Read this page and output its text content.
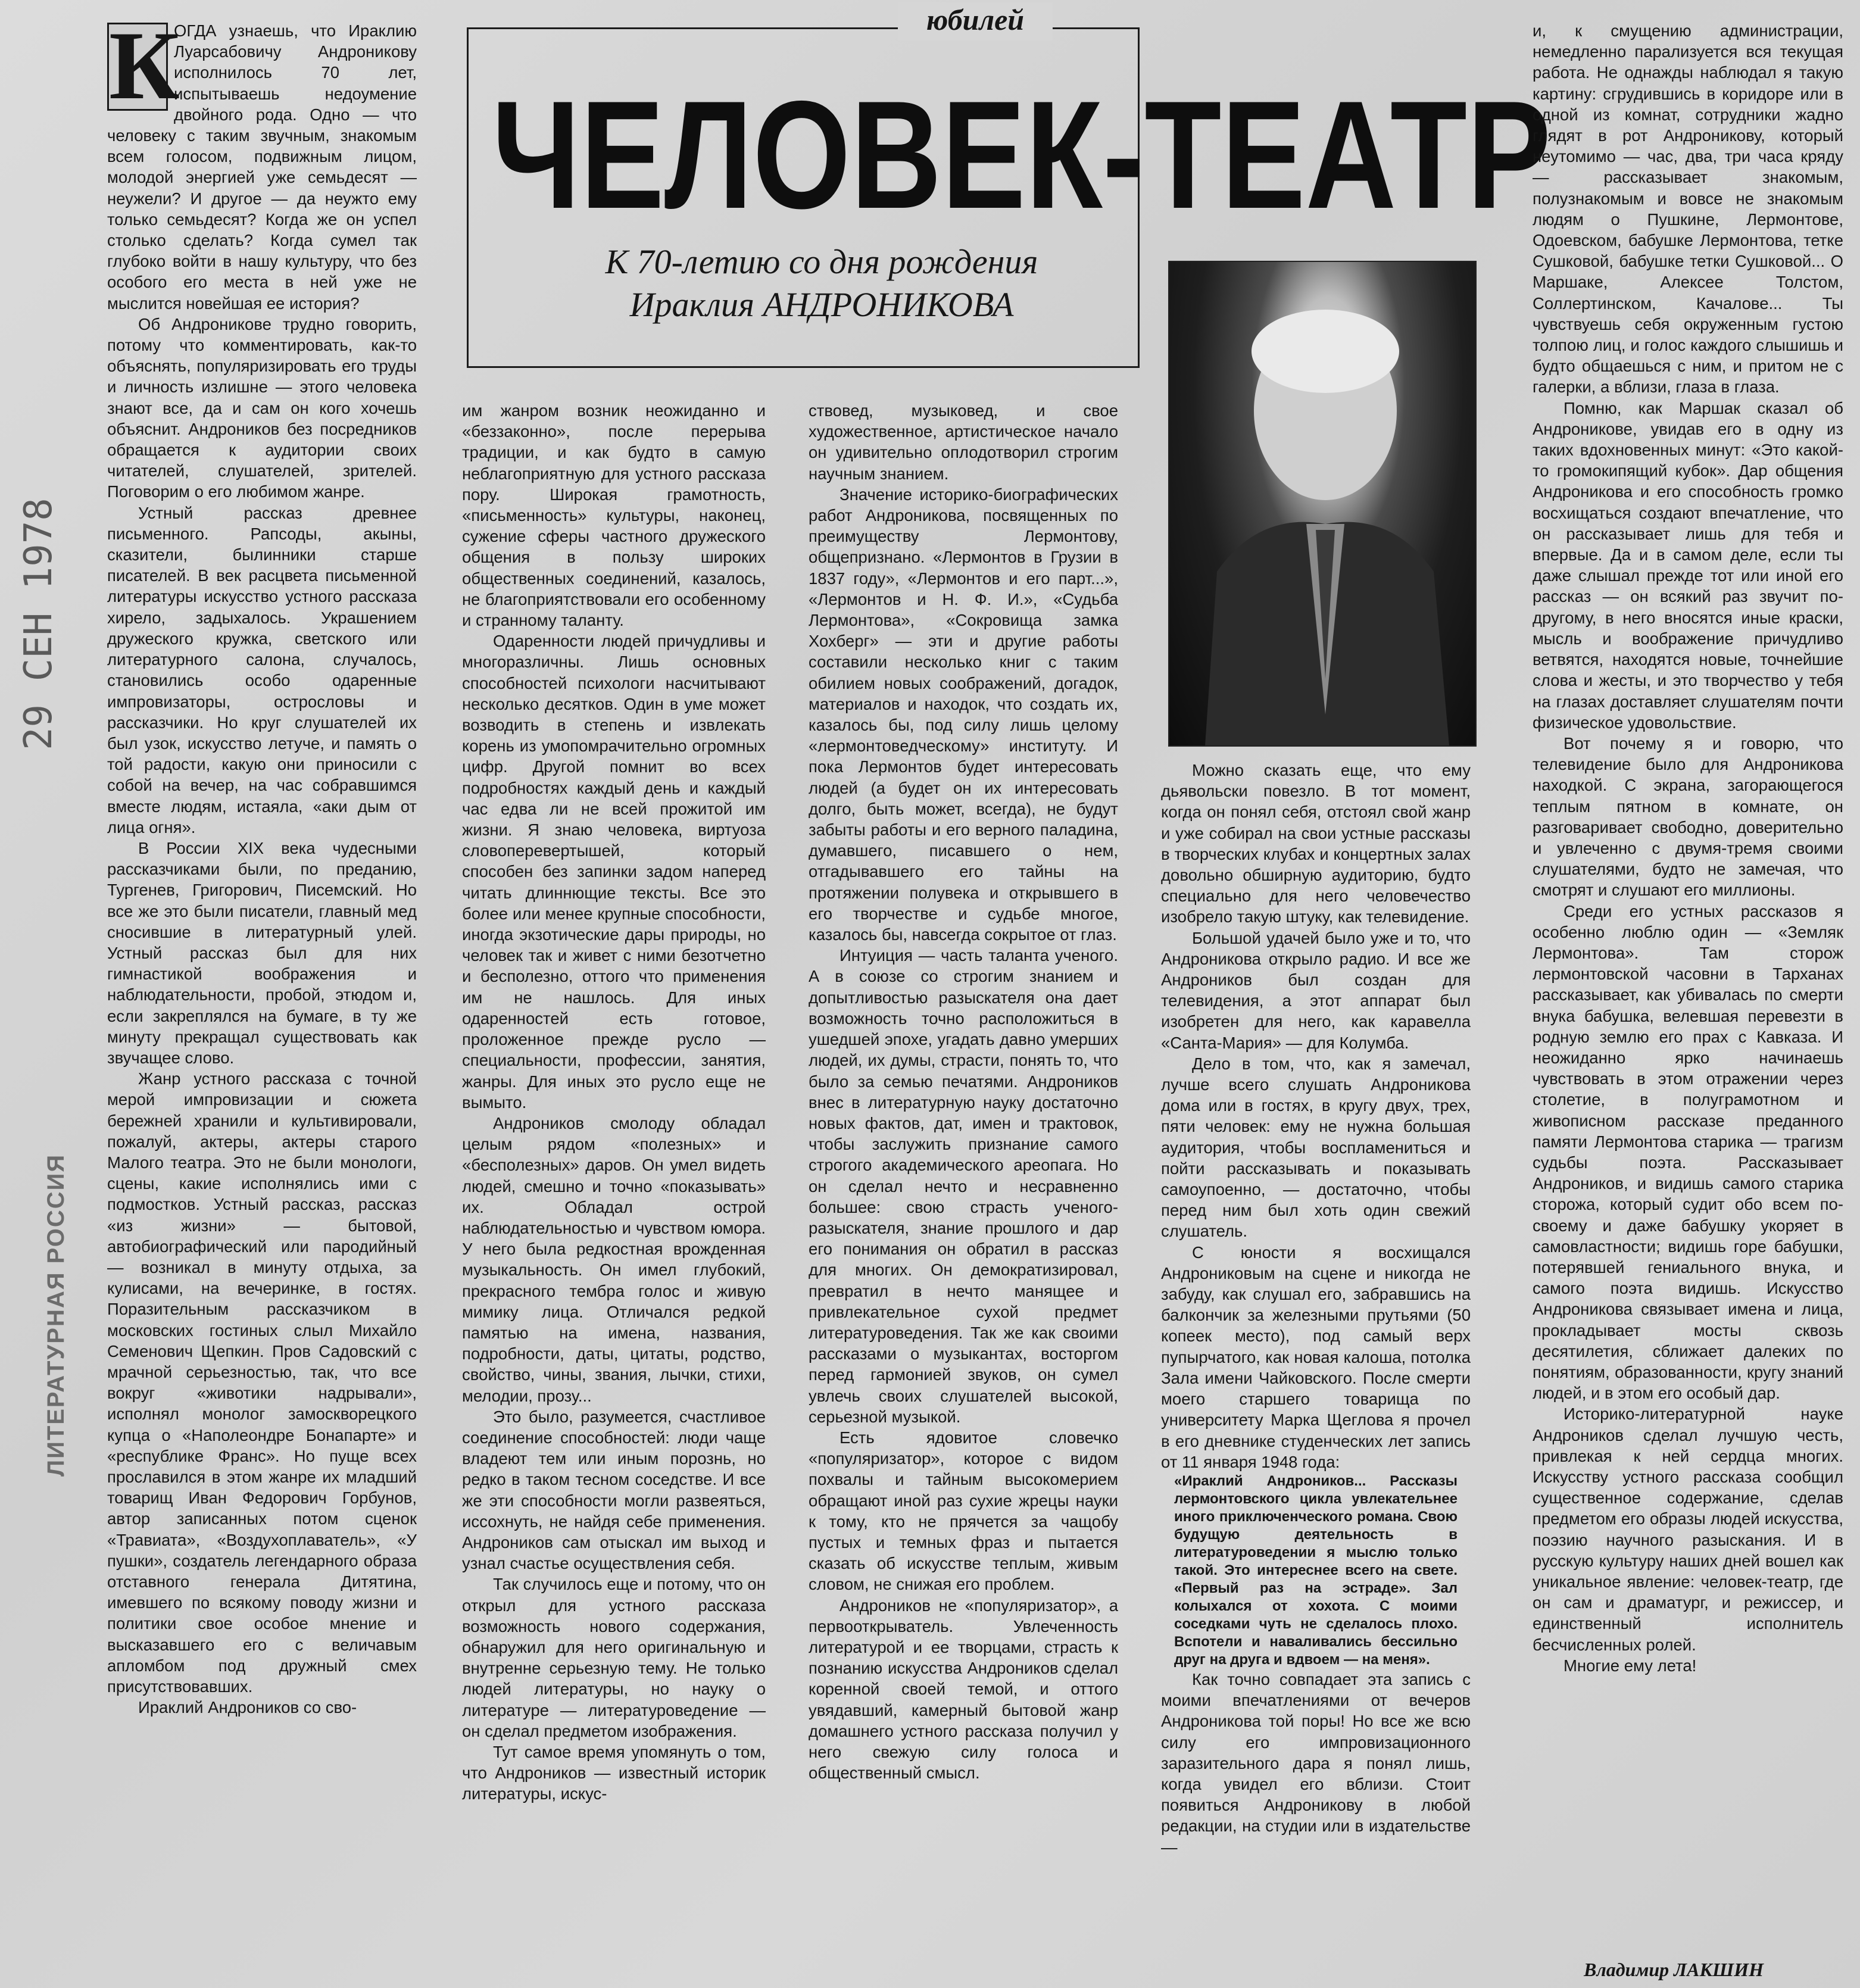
юбилей
ЧЕЛОВЕК-ТЕАТР
К 70-летию со дня рождения
Ираклия АНДРОНИКОВА
29 СЕН 1978
ЛИТЕРАТУРНАЯ РОССИЯ
К

ОГДА узнаешь, что Ираклию Луарсабовичу Андроникову исполнилось 70 лет, испытываешь недоумение двойного рода. Одно — что человеку с таким звучным, знакомым всем голосом, подвижным лицом, молодой энергией уже семьдесят — неужели? И другое — да неужто ему только семьдесят? Когда же он успел столько сделать? Когда сумел так глубоко войти в нашу культуру, что без особого его места в ней уже не мыслится новейшая ее история?

Об Андроникове трудно говорить, потому что комментировать, как-то объяснять, популяризировать его труды и личность излишне — этого человека знают все, да и сам он кого хочешь объяснит. Андроников без посредников обращается к аудитории своих читателей, слушателей, зрителей. Поговорим о его любимом жанре.

Устный рассказ древнее письменного. Рапсоды, акыны, сказители, былинники старше писателей. В век расцвета письменной литературы искусство устного рассказа хирело, задыхалось. Украшением дружеского кружка, светского или литературного салона, случалось, становились особо одаренные импровизаторы, острословы и рассказчики. Но круг слушателей их был узок, искусство летуче, и память о той радости, какую они приносили с собой на вечер, на час собравшимся вместе людям, истаяла, «аки дым от лица огня».

В России XIX века чудесными рассказчиками были, по преданию, Тургенев, Григорович, Писемский. Но все же это были писатели, главный мед сносившие в литературный улей. Устный рассказ был для них гимнастикой воображения и наблюдательности, пробой, этюдом и, если закреплялся на бумаге, в ту же минуту прекращал существовать как звучащее слово.

Жанр устного рассказа с точной мерой импровизации и сюжета бережней хранили и культивировали, пожалуй, актеры, актеры старого Малого театра. Это не были монологи, сцены, какие исполнялись ими с подмостков. Устный рассказ, рассказ «из жизни» — бытовой, автобиографический или пародийный — возникал в минуту отдыха, за кулисами, на вечеринке, в гостях. Поразительным рассказчиком в московских гостиных слыл Михайло Семенович Щепкин. Пров Садовский с мрачной серьезностью, так, что все вокруг «животики надрывали», исполнял монолог замоскворецкого купца о «Наполеондре Бонапарте» и «республике Франс». Но пуще всех прославился в этом жанре их младший товарищ Иван Федорович Горбунов, автор записанных потом сценок «Травиата», «Воздухоплаватель», «У пушки», создатель легендарного образа отставного генерала Дитятина, имевшего по всякому поводу жизни и политики свое особое мнение и высказавшего его с величавым апломбом под дружный смех присутствовавших.

Ираклий Андроников со сво-

им жанром возник неожиданно и «беззаконно», после перерыва традиции, и как будто в самую неблагоприятную для устного рассказа пору. Широкая грамотность, «письменность» культуры, наконец, сужение сферы частного дружеского общения в пользу широких общественных соединений, казалось, не благоприятствовали его особенному и странному таланту.

Одаренности людей причудливы и многоразличны. Лишь основных способностей психологи насчитывают несколько десятков. Один в уме может возводить в степень и извлекать корень из умопомрачительно огромных цифр. Другой помнит во всех подробностях каждый день и каждый час едва ли не всей прожитой им жизни. Я знаю человека, виртуоза словоперевертышей, который способен без запинки задом наперед читать длиннющие тексты. Все это более или менее крупные способности, иногда экзотические дары природы, но человек так и живет с ними безотчетно и бесполезно, оттого что применения им не нашлось. Для иных одаренностей есть готовое, проложенное прежде русло — специальности, профессии, занятия, жанры. Для иных это русло еще не вымыто.

Андроников смолоду обладал целым рядом «полезных» и «бесполезных» даров. Он умел видеть людей, смешно и точно «показывать» их. Обладал острой наблюдательностью и чувством юмора. У него была редкостная врожденная музыкальность. Он имел глубокий, прекрасного тембра голос и живую мимику лица. Отличался редкой памятью на имена, названия, подробности, даты, цитаты, родство, свойство, чины, звания, лычки, стихи, мелодии, прозу...

Это было, разумеется, счастливое соединение способностей: люди чаще владеют тем или иным порознь, но редко в таком тесном соседстве. И все же эти способности могли развеяться, иссохнуть, не найдя себе применения. Андроников сам отыскал им выход и узнал счастье осуществления себя.

Так случилось еще и потому, что он открыл для устного рассказа возможность нового содержания, обнаружил для него оригинальную и внутренне серьезную тему. Не только людей литературы, но науку о литературе — литературоведение — он сделал предметом изображения.

Тут самое время упомянуть о том, что Андроников — известный историк литературы, искус-

ствовед, музыковед, и свое художественное, артистическое начало он удивительно оплодотворил строгим научным знанием.

Значение историко-биографических работ Андроникова, посвященных по преимуществу Лермонтову, общепризнано. «Лермонтов в Грузии в 1837 году», «Лермонтов и его парт...», «Лермонтов и Н. Ф. И.», «Судьба Лермонтова», «Сокровища замка Хохберг» — эти и другие работы составили несколько книг с таким обилием новых соображений, догадок, материалов и находок, что создать их, казалось бы, под силу лишь целому «лермонтоведческому» институту. И пока Лермонтов будет интересовать людей (а будет он их интересовать долго, быть может, всегда), не будут забыты работы и его верного паладина, думавшего, писавшего о нем, отгадывавшего его тайны на протяжении полувека и открывшего в его творчестве и судьбе многое, казалось бы, навсегда сокрытое от глаз.

Интуиция — часть таланта ученого. А в союзе со строгим знанием и допытливостью разыскателя она дает возможность точно расположиться в ушедшей эпохе, угадать давно умерших людей, их думы, страсти, понять то, что было за семью печатями. Андроников внес в литературную науку достаточно новых фактов, дат, имен и трактовок, чтобы заслужить признание самого строгого академического ареопага. Но он сделал нечто и несравненно большее: свою страсть ученого-разыскателя, знание прошлого и дар его понимания он обратил в рассказ для многих. Он демократизировал, превратил в нечто манящее и привлекательное сухой предмет литературоведения. Так же как своими рассказами о музыкантах, восторгом перед гармонией звуков, он сумел увлечь своих слушателей высокой, серьезной музыкой.

Есть ядовитое словечко «популяризатор», которое с видом похвалы и тайным высокомерием обращают иной раз сухие жрецы науки к тому, кто не прячется за чащобу пустых и темных фраз и пытается сказать об искусстве теплым, живым словом, не снижая его проблем.

Андроников не «популяризатор», а первооткрыватель. Увлеченность литературой и ее творцами, страсть к познанию искусства Андроников сделал коренной своей темой, и оттого увядавший, камерный бытовой жанр домашнего устного рассказа получил у него свежую силу голоса и общественный смысл.

Можно сказать еще, что ему дьявольски повезло. В тот момент, когда он понял себя, отстоял свой жанр и уже собирал на свои устные рассказы в творческих клубах и концертных залах довольно обширную аудиторию, будто специально для него человечество изобрело такую штуку, как телевидение.

Большой удачей было уже и то, что Андроникова открыло радио. И все же Андроников был создан для телевидения, а этот аппарат был изобретен для него, как каравелла «Санта-Мария» — для Колумба.

Дело в том, что, как я замечал, лучше всего слушать Андроникова дома или в гостях, в кругу двух, трех, пяти человек: ему не нужна большая аудитория, чтобы воспламениться и пойти рассказывать и показывать самоупоенно, — достаточно, чтобы перед ним был хоть один свежий слушатель.

С юности я восхищался Андрониковым на сцене и никогда не забуду, как слушал его, забравшись на балкончик за железными прутьями (50 копеек место), под самый верх пупырчатого, как новая калоша, потолка Зала имени Чайковского. После смерти моего старшего товарища по университету Марка Щеглова я прочел в его дневнике студенческих лет запись от 11 января 1948 года:

«Ираклий Андроников... Рассказы лермонтовского цикла увлекательнее иного приключенческого романа. Свою будущую деятельность в литературоведении я мыслю только такой. Это интереснее всего на свете. «Первый раз на эстраде». Зал колыхался от хохота. С моими соседками чуть не сделалось плохо. Вспотели и наваливались бессильно друг на друга и вдвоем — на меня».

Как точно совпадает эта запись с моими впечатлениями от вечеров Андроникова той поры! Но все же всю силу его импровизационного заразительного дара я понял лишь, когда увидел его вблизи. Стоит появиться Андроникову в любой редакции, на студии или в издательстве —

и, к смущению администрации, немедленно парализуется вся текущая работа. Не однажды наблюдал я такую картину: сгрудившись в коридоре или в одной из комнат, сотрудники жадно глядят в рот Андроникову, который неутомимо — час, два, три часа кряду — рассказывает знакомым, полузнакомым и вовсе не знакомым людям о Пушкине, Лермонтове, Одоевском, бабушке Лермонтова, тетке Сушковой, бабушке тетки Сушковой... О Маршаке, Алексее Толстом, Соллертинском, Качалове... Ты чувствуешь себя окруженным густою толпою лиц, и голос каждого слышишь и будто общаешься с ним, и притом не с галерки, а вблизи, глаза в глаза.

Помню, как Маршак сказал об Андроникове, увидав его в одну из таких вдохновенных минут: «Это какой-то громокипящий кубок». Дар общения Андроникова и его способность громко восхищаться создают впечатление, что он рассказывает лишь для тебя и впервые. Да и в самом деле, если ты даже слышал прежде тот или иной его рассказ — он всякий раз звучит по-другому, в него вносятся иные краски, мысль и воображение причудливо ветвятся, находятся новые, точнейшие слова и жесты, и это творчество у тебя на глазах доставляет слушателям почти физическое удовольствие.

Вот почему я и говорю, что телевидение было для Андроникова находкой. С экрана, загорающегося теплым пятном в комнате, он разговаривает свободно, доверительно и увлеченно с двумя-тремя своими слушателями, будто не замечая, что смотрят и слушают его миллионы.

Среди его устных рассказов я особенно люблю один — «Земляк Лермонтова». Там сторож лермонтовской часовни в Тарханах рассказывает, как убивалась по смерти внука бабушка, велевшая перевезти в родную землю его прах с Кавказа. И неожиданно ярко начинаешь чувствовать в этом отражении через столетие, в полуграмотном и живописном рассказе преданного памяти Лермонтова старика — трагизм судьбы поэта. Рассказывает Андроников, и видишь самого старика сторожа, который судит обо всем по-своему и даже бабушку укоряет в самовластности; видишь горе бабушки, потерявшей гениального внука, и самого поэта видишь. Искусство Андроникова связывает имена и лица, прокладывает мосты сквозь десятилетия, сближает далеких по понятиям, образованности, кругу знаний людей, и в этом его особый дар.

Историко-литературной науке Андроников сделал лучшую честь, привлекая к ней сердца многих. Искусству устного рассказа сообщил существенное содержание, сделав предметом его образы людей искусства, поэзию научного разыскания. И в русскую культуру наших дней вошел как уникальное явление: человек-театр, где он сам и драматург, и режиссер, и единственный исполнитель бесчисленных ролей.

Многие ему лета!

Владимир ЛАКШИН
